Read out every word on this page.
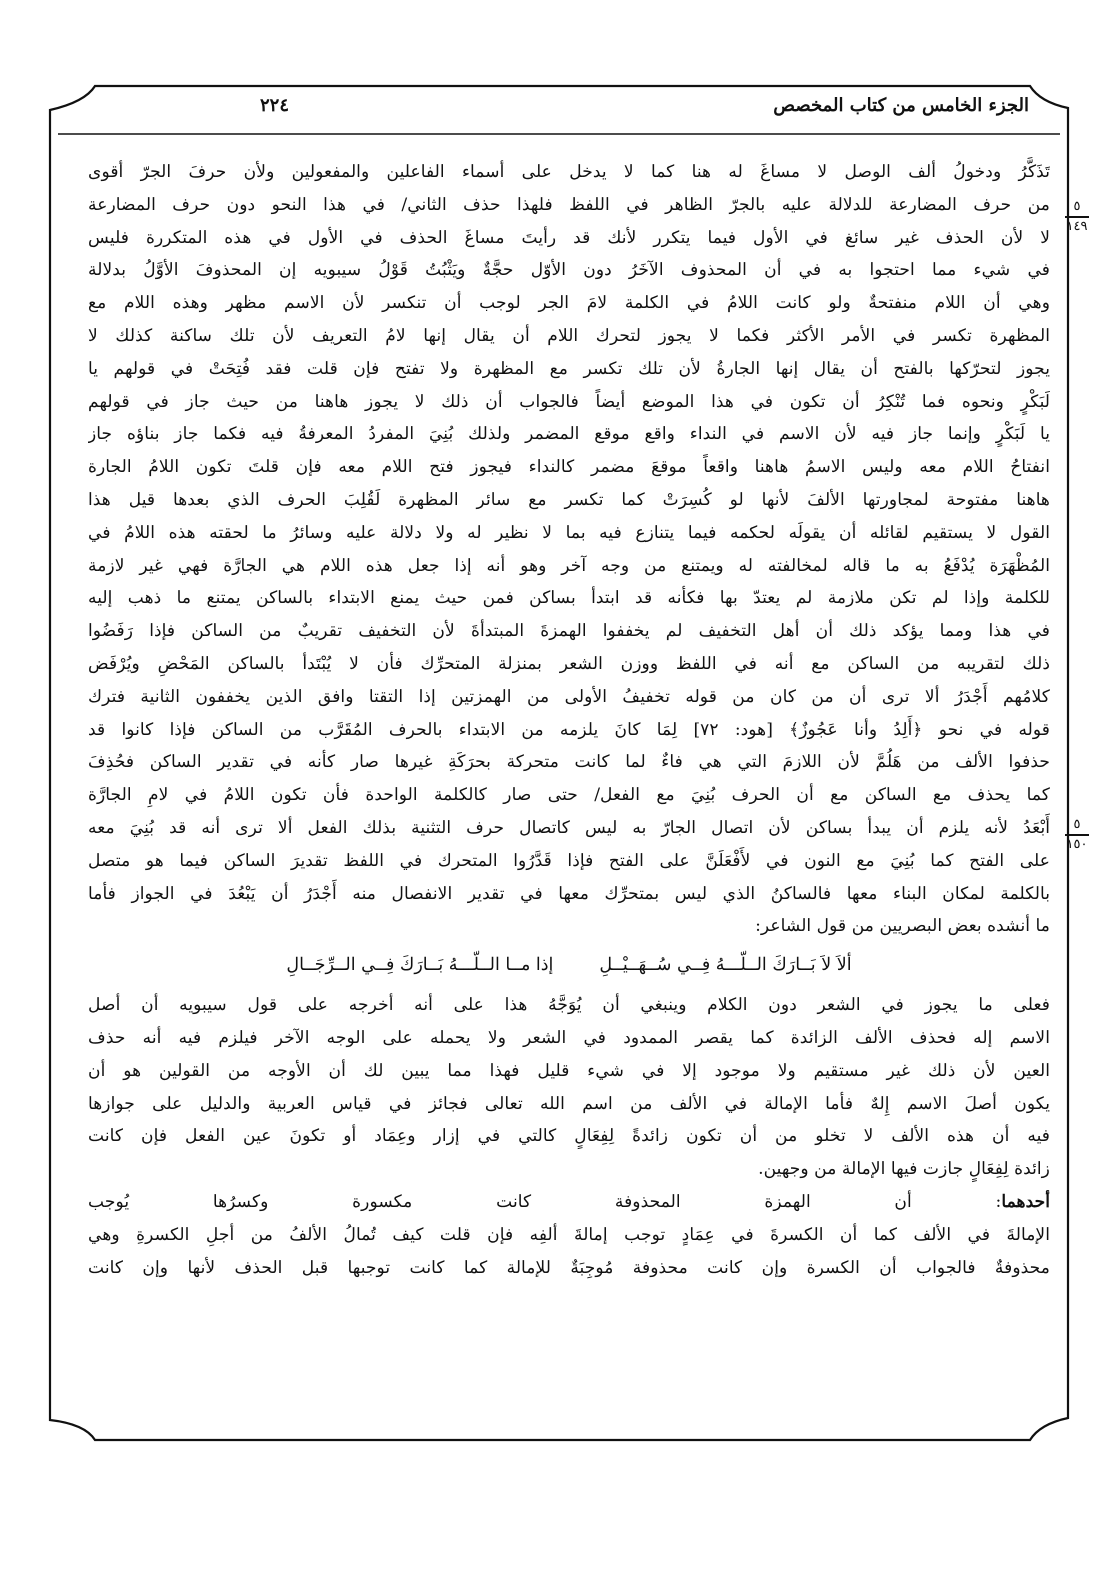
الجزء الخامس من كتاب المخصص
٢٢٤
٥
١٤٩
٥
١٥٠
تَذَكَّرُ ودخولُ ألف الوصل لا مساغَ له هنا كما لا يدخل على أسماء الفاعلين والمفعولين ولأن حرفَ الجرّ أقوى
من حرف المضارعة للدلالة عليه بالجرّ الظاهر في اللفظ فلهذا حذف الثاني/ في هذا النحو دون حرف المضارعة
لا لأن الحذف غير سائغ في الأول فيما يتكرر لأنك قد رأيتَ مساغَ الحذف في الأول في هذه المتكررة فليس
في شيء مما احتجوا به في أن المحذوف الآخَرُ دون الأوّل حجَّةٌ ويَثْبُتُ قَوْلُ سيبويه إن المحذوفَ الأوَّلُ بدلالة
وهي أن اللام منفتحةٌ ولو كانت اللامُ في الكلمة لامَ الجر لوجب أن تنكسر لأن الاسم مظهر وهذه اللام مع
المظهرة تكسر في الأمر الأكثر فكما لا يجوز لتحرك اللام أن يقال إنها لامُ التعريف لأن تلك ساكنة كذلك لا
يجوز لتحرّكها بالفتح أن يقال إنها الجارةُ لأن تلك تكسر مع المظهرة ولا تفتح فإن قلت فقد فُتِحَتْ في قولهم يا
لَبَكْرٍ ونحوه فما تُنْكِرُ أن تكون في هذا الموضع أيضاً فالجواب أن ذلك لا يجوز هاهنا من حيث جاز في قولهم
يا لَبَكْرٍ وإنما جاز فيه لأن الاسم في النداء واقع موقع المضمر ولذلك بُنِيَ المفردُ المعرفةُ فيه فكما جاز بناؤه جاز
انفتاحُ اللام معه وليس الاسمُ هاهنا واقعاً موقعَ مضمر كالنداء فيجوز فتح اللام معه فإن قلتَ تكون اللامُ الجارة
هاهنا مفتوحة لمجاورتها الألفَ لأنها لو كُسِرَتْ كما تكسر مع سائر المظهرة لَقُلِبَ الحرف الذي بعدها قيل هذا
القول لا يستقيم لقائله أن يقولَه لحكمه فيما يتنازع فيه بما لا نظير له ولا دلالة عليه وسائرُ ما لحقته هذه اللامُ في
المُظْهَرَة يُدْفَعُ به ما قاله لمخالفته له ويمتنع من وجه آخر وهو أنه إذا جعل هذه اللام هي الجارَّة فهي غير لازمة
للكلمة وإذا لم تكن ملازمة لم يعتدّ بها فكأنه قد ابتدأ بساكن فمن حيث يمنع الابتداء بالساكن يمتنع ما ذهب إليه
في هذا ومما يؤكد ذلك أن أهل التخفيف لم يخففوا الهمزةَ المبتدأةَ لأن التخفيف تقريبٌ من الساكن فإذا رَفَضُوا
ذلك لتقريبه من الساكن مع أنه في اللفظ ووزن الشعر بمنزلة المتحرِّك فأن لا يُبْتَدأ بالساكن المَحْضِ ويُرْفَض
كلامُهم أَجْدَرُ ألا ترى أن من كان من قوله تخفيفُ الأولى من الهمزتين إذا التقتا وافق الذين يخففون الثانية فترك
قوله في نحو ﴿أَلِدُ وأنا عَجُوزٌ﴾ [هود: ٧٢] لِمَا كانَ يلزمه من الابتداء بالحرف المُقَرَّب من الساكن فإذا كانوا قد
حذفوا الألف من هَلُمَّ لأن اللازمَ التي هي فاءٌ لما كانت متحركة بحرَكَةِ غيرها صار كأنه في تقدير الساكن فحُذِفَ
كما يحذف مع الساكن مع أن الحرف بُنِيَ مع الفعل/ حتى صار كالكلمة الواحدة فأن تكون اللامُ في لامِ الجارَّة
أَبْعَدُ لأنه يلزم أن يبدأ بساكن لأن اتصال الجارّ به ليس كاتصال حرف التثنية بذلك الفعل ألا ترى أنه قد بُنِيَ معه
على الفتح كما بُنِيَ مع النون في لأَفْعَلَنَّ على الفتح فإذا قَدَّرُوا المتحرك في اللفظ تقديرَ الساكن فيما هو متصل
بالكلمة لمكان البناء معها فالساكنُ الذي ليس بمتحرِّك معها في تقدير الانفصال منه أَجْدَرُ أن يَبْعُدَ في الجواز فأما
ما أنشده بعض البصريين من قول الشاعر:
ألاَ لاَ بَــارَكَ الــلّـــهُ فِــي سُــهَــيْــلِإذا مــا الــلّـــهُ بَــارَكَ فِــي الــرِّجَــالِ
فعلى ما يجوز في الشعر دون الكلام وينبغي أن يُوَجَّهُ هذا على أنه أخرجه على قول سيبويه أن أصل
الاسم إله فحذف الألف الزائدة كما يقصر الممدود في الشعر ولا يحمله على الوجه الآخر فيلزم فيه أنه حذف
العين لأن ذلك غير مستقيم ولا موجود إلا في شيء قليل فهذا مما يبين لك أن الأوجه من القولين هو أن
يكون أصلَ الاسم إِلهٌ فأما الإمالة في الألف من اسم الله تعالى فجائز في قياس العربية والدليل على جوازها
فيه أن هذه الألف لا تخلو من أن تكون زائدةً لِفِعَالٍ كالتي في إزار وعِمَاد أو تكونَ عين الفعل فإن كانت
زائدة لِفِعَالٍ جازت فيها الإمالة من وجهين.
أحدهما: أن الهمزة المحذوفة كانت مكسورة وكسرُها يُوجب
الإمالةَ في الألف كما أن الكسرةَ في عِمَادٍ توجب إمالةَ ألفِه فإن قلت كيف تُمالُ الألفُ من أجلِ الكسرةِ وهي
محذوفةٌ فالجواب أن الكسرة وإن كانت محذوفة مُوجِبَةٌ للإمالة كما كانت توجبها قبل الحذف لأنها وإن كانت
